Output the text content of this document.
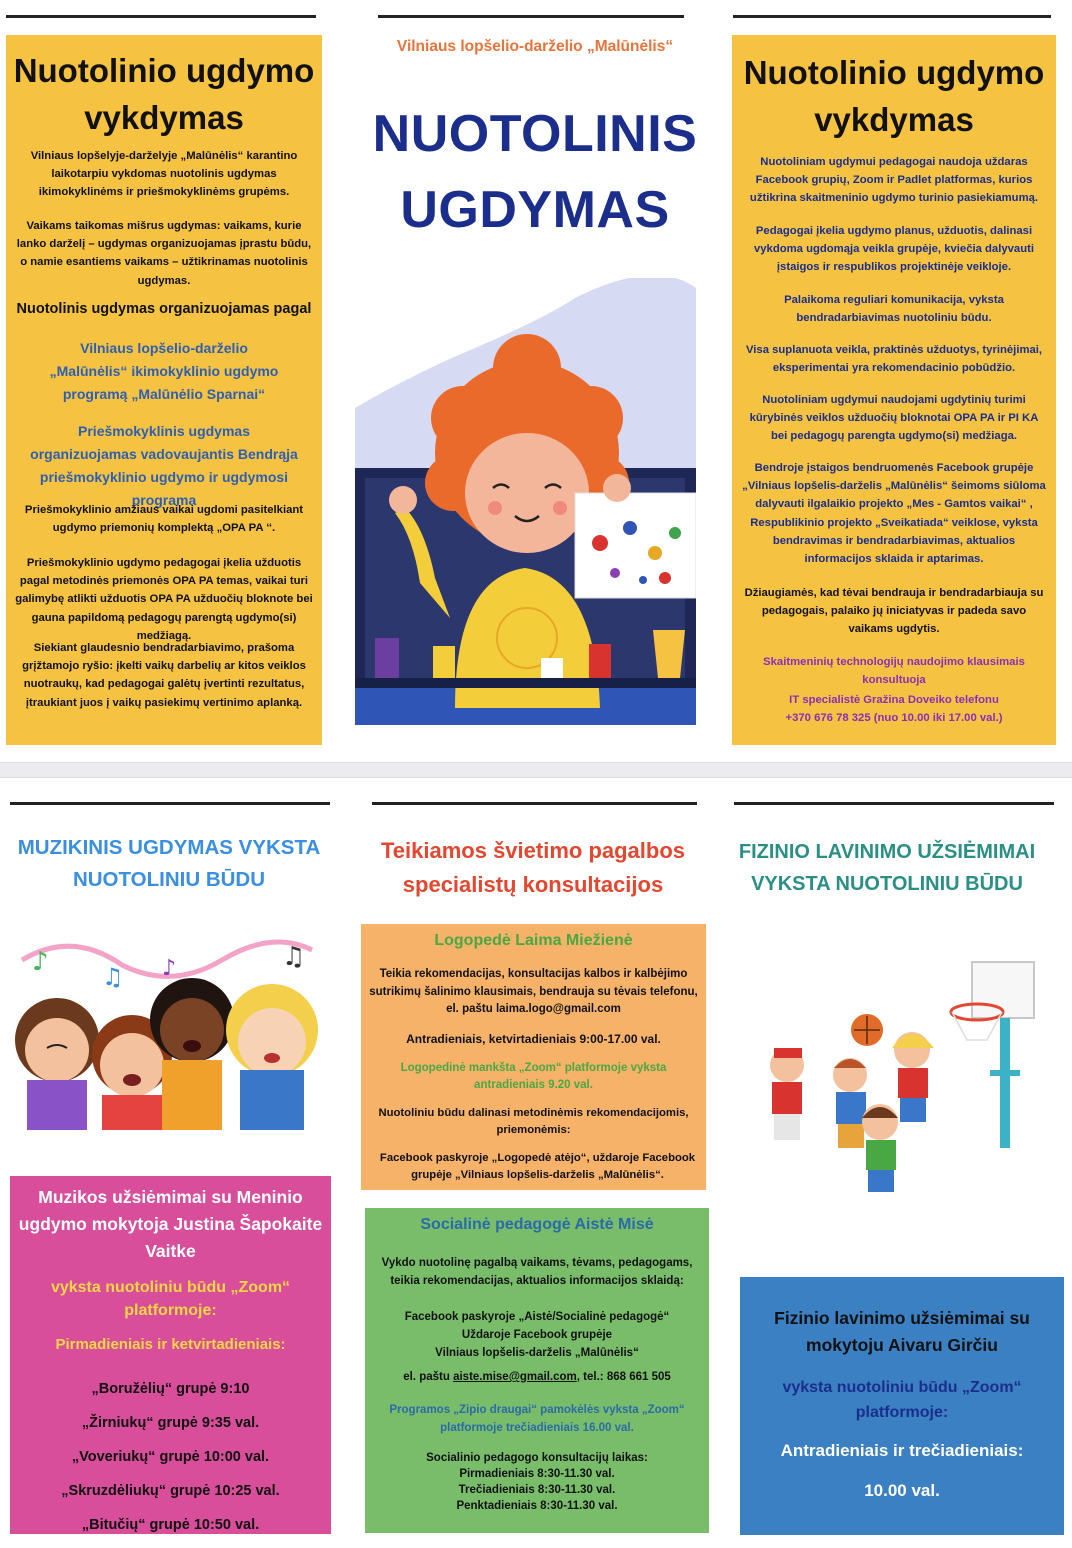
Nuotolinio ugdymo vykdymas

Vilniaus lopšelyje-darželyje „Malūnėlis“ karantino laikotarpiu vykdomas nuotolinis ugdymas ikimokyklinėms ir priešmokyklinėms grupėms.

Vaikams taikomas mišrus ugdymas: vaikams, kurie lanko darželį – ugdymas organizuojamas įprastu būdu, o namie esantiems vaikams – užtikrinamas nuotolinis ugdymas.

Nuotolinis ugdymas organizuojamas pagal

Vilniaus lopšelio-darželio „Malūnėlis“ ikimokyklinio ugdymo programą „Malūnėlio Sparnai“

Priešmokyklinis ugdymas organizuojamas vadovaujantis Bendrąja priešmokyklinio ugdymo ir ugdymosi programa

Priešmokyklinio amžiaus vaikai ugdomi pasitelkiant ugdymo priemonių komplektą „OPA PA ‘‘.

Priešmokyklinio ugdymo pedagogai įkelia užduotis pagal metodinės priemonės OPA PA temas, vaikai turi galimybę atlikti užduotis OPA PA užduočių bloknote bei gauna papildomą pedagogų parengtą ugdymo(si) medžiagą.

Siekiant glaudesnio bendradarbiavimo, prašoma grįžtamojo ryšio: įkelti vaikų darbelių ar kitos veiklos nuotraukų, kad pedagogai galėtų įvertinti rezultatus, įtraukiant juos į vaikų pasiekimų vertinimo aplanką.

Vilniaus lopšelio-darželio „Malūnėlis“

NUOTOLINIS

UGDYMAS

Nuotolinio ugdymo vykdymas

Nuotoliniam ugdymui pedagogai naudoja uždaras Facebook grupių, Zoom ir Padlet platformas, kurios užtikrina skaitmeninio ugdymo turinio pasiekiamumą.

Pedagogai įkelia ugdymo planus, užduotis, dalinasi vykdoma ugdomąja veikla grupėje, kviečia dalyvauti įstaigos ir respublikos projektinėje veikloje.

Palaikoma reguliari komunikacija, vyksta bendradarbiavimas nuotoliniu būdu.

Visa suplanuota veikla, praktinės užduotys, tyrinėjimai, eksperimentai yra rekomendacinio pobūdžio.

Nuotoliniam ugdymui naudojami ugdytinių turimi kūrybinės veiklos užduočių bloknotai OPA PA ir PI KA bei pedagogų parengta ugdymo(si) medžiaga.

Bendroje įstaigos bendruomenės Facebook grupėje „Vilniaus lopšelis-darželis „Malūnėlis“ šeimoms siūloma dalyvauti ilgalaikio projekto „Mes - Gamtos vaikai“ , Respublikinio projekto „Sveikatiada“ veiklose, vyksta bendravimas ir bendradarbiavimas, aktualios informacijos sklaida ir aptarimas.

Džiaugiamės, kad tėvai bendrauja ir bendradarbiauja su pedagogais, palaiko jų iniciatyvas ir padeda savo vaikams ugdytis.

Skaitmeninių technologijų naudojimo klausimais konsultuoja

IT specialistė Gražina Doveiko telefonu

+370 676 78 325 (nuo 10.00 iki 17.00 val.)

MUZIKINIS UGDYMAS VYKSTA NUOTOLINIU BŪDU

♪ ♫ ♪	♫

Muzikos užsiėmimai su Meninio ugdymo mokytoja Justina Šapokaite Vaitke

vyksta nuotoliniu būdu „Zoom“ platformoje:

Pirmadieniais ir ketvirtadieniais:

„Boružėlių“ grupė 9:10

„Žirniukų“ grupė 9:35 val.

„Voveriukų“ grupė 10:00 val.

„Skruzdėliukų“ grupė 10:25 val.

„Bitučių“ grupė 10:50 val.

Teikiamos švietimo pagalbos specialistų konsultacijos

Logopedė Laima Miežienė

Teikia rekomendacijas, konsultacijas kalbos ir kalbėjimo sutrikimų šalinimo klausimais, bendrauja su tėvais telefonu, el. paštu laima.logo@gmail.com

Antradieniais, ketvirtadieniais 9:00-17.00 val.

Logopedinė mankšta „Zoom“ platformoje vyksta antradieniais 9.20 val.

Nuotoliniu būdu dalinasi metodinėmis rekomendacijomis, priemonėmis:

Facebook paskyroje „Logopedė atėjo“, uždaroje Facebook grupėje „Vilniaus lopšelis-darželis „Malūnėlis“.

Socialinė pedagogė Aistė Misė

Vykdo nuotolinę pagalbą vaikams, tėvams, pedagogams, teikia rekomendacijas, aktualios informacijos sklaidą:

Facebook paskyroje „Aistė/Socialinė pedagogė“

Uždaroje Facebook grupėje

Vilniaus lopšelis-darželis „Malūnėlis“

el. paštu aiste.mise@gmail.com, tel.: 868 661 505

Programos „Zipio draugai“ pamokėlės vyksta „Zoom“ platformoje trečiadieniais 16.00 val.

Socialinio pedagogo konsultacijų laikas:

Pirmadieniais 8:30-11.30 val.

Trečiadieniais 8:30-11.30 val.

Penktadieniais 8:30-11.30 val.

FIZINIO LAVINIMO UŽSIĖMIMAI VYKSTA NUOTOLINIU BŪDU

Fizinio lavinimo užsiėmimai su mokytoju Aivaru Girčiu

vyksta nuotoliniu būdu „Zoom“ platformoje:

Antradieniais ir trečiadieniais:

10.00 val.
